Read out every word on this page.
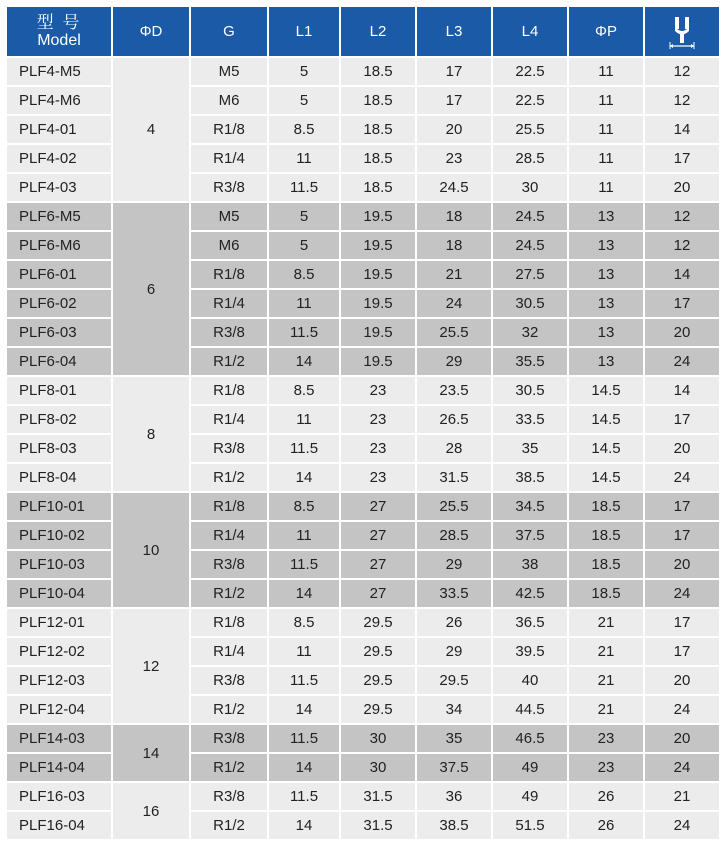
型 号
Model	ΦD	G	L1	L2	L3	L4	ΦP	
PLF4-M5	4	M5	5	18.5	17	22.5	11	12
PLF4-M6		M6	5	18.5	17	22.5	11	12
PLF4-01		R1/8	8.5	18.5	20	25.5	11	14
PLF4-02		R1/4	11	18.5	23	28.5	11	17
PLF4-03		R3/8	11.5	18.5	24.5	30	11	20
PLF6-M5	6	M5	5	19.5	18	24.5	13	12
PLF6-M6		M6	5	19.5	18	24.5	13	12
PLF6-01		R1/8	8.5	19.5	21	27.5	13	14
PLF6-02		R1/4	11	19.5	24	30.5	13	17
PLF6-03		R3/8	11.5	19.5	25.5	32	13	20
PLF6-04		R1/2	14	19.5	29	35.5	13	24
PLF8-01	8	R1/8	8.5	23	23.5	30.5	14.5	14
PLF8-02		R1/4	11	23	26.5	33.5	14.5	17
PLF8-03		R3/8	11.5	23	28	35	14.5	20
PLF8-04		R1/2	14	23	31.5	38.5	14.5	24
PLF10-01	10	R1/8	8.5	27	25.5	34.5	18.5	17
PLF10-02		R1/4	11	27	28.5	37.5	18.5	17
PLF10-03		R3/8	11.5	27	29	38	18.5	20
PLF10-04		R1/2	14	27	33.5	42.5	18.5	24
PLF12-01	12	R1/8	8.5	29.5	26	36.5	21	17
PLF12-02		R1/4	11	29.5	29	39.5	21	17
PLF12-03		R3/8	11.5	29.5	29.5	40	21	20
PLF12-04		R1/2	14	29.5	34	44.5	21	24
PLF14-03	14	R3/8	11.5	30	35	46.5	23	20
PLF14-04		R1/2	14	30	37.5	49	23	24
PLF16-03	16	R3/8	11.5	31.5	36	49	26	21
PLF16-04		R1/2	14	31.5	38.5	51.5	26	24
